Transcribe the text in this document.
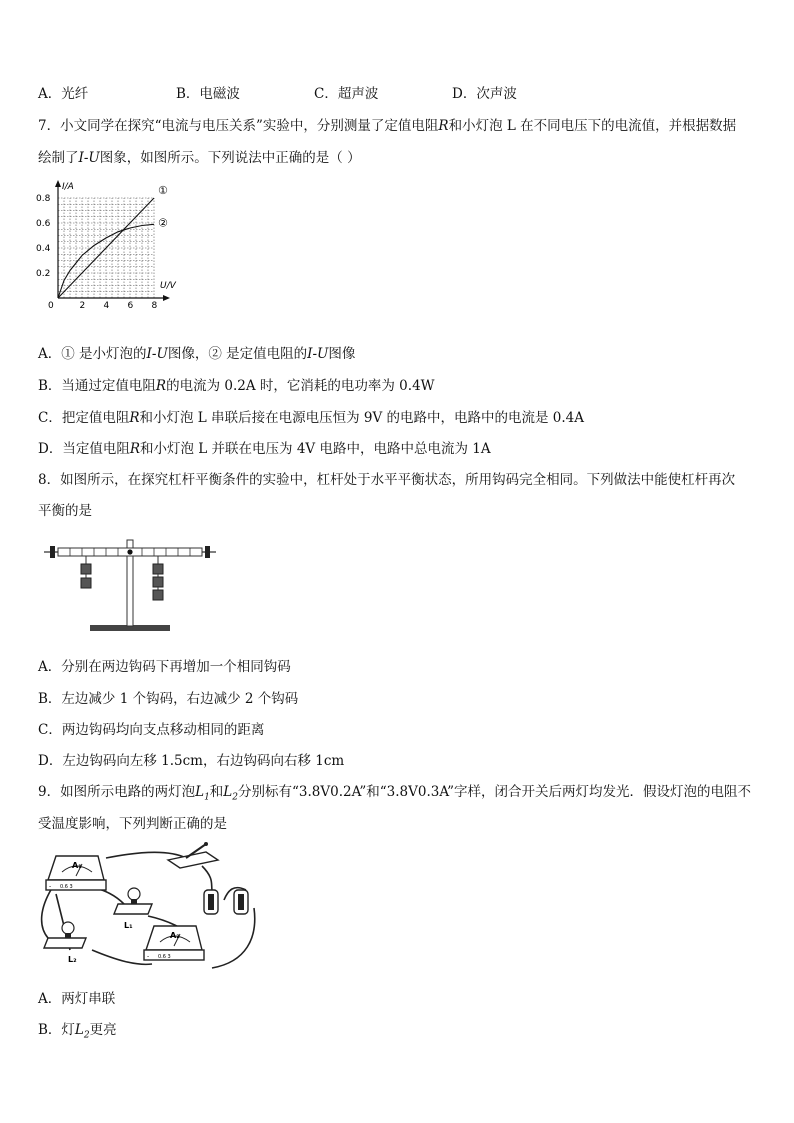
A．光纤	B．电磁波	C．超声波	D．次声波
7．小文同学在探究“电流与电压关系”实验中，分别测量了定值电阻R和小灯泡 L 在不同电压下的电流值，并根据数据
绘制了I-U图象，如图所示。下列说法中正确的是（ ）
I/A
U/V
0	2 4 6 8
0.2
0.4
0.6
0.8
①
②
A．① 是小灯泡的I-U图像，② 是定值电阻的I-U图像
B．当通过定值电阻R的电流为 0.2A 时，它消耗的电功率为 0.4W
C．把定值电阻R和小灯泡 L 串联后接在电源电压恒为 9V 的电路中，电路中的电流是 0.4A
D．当定值电阻R和小灯泡 L 并联在电压为 4V 电路中，电路中总电流为 1A
8．如图所示，在探究杠杆平衡条件的实验中，杠杆处于水平平衡状态，所用钩码完全相同。下列做法中能使杠杆再次
平衡的是
A．分别在两边钩码下再增加一个相同钩码
B．左边减少 1 个钩码，右边减少 2 个钩码
C．两边钩码均向支点移动相同的距离
D．左边钩码向左移 1.5cm，右边钩码向右移 1cm
9．如图所示电路的两灯泡$L_1$和$L_2$分别标有“3.8V0.2A”和“3.8V0.3A”字样，闭合开关后两灯均发光．假设灯泡的电阻不
受温度影响，下列判断正确的是
A₁
0.6 3
-
L₁
L₂
A₂
0.6 3
-
A．两灯串联
B．灯$L_2$更亮
